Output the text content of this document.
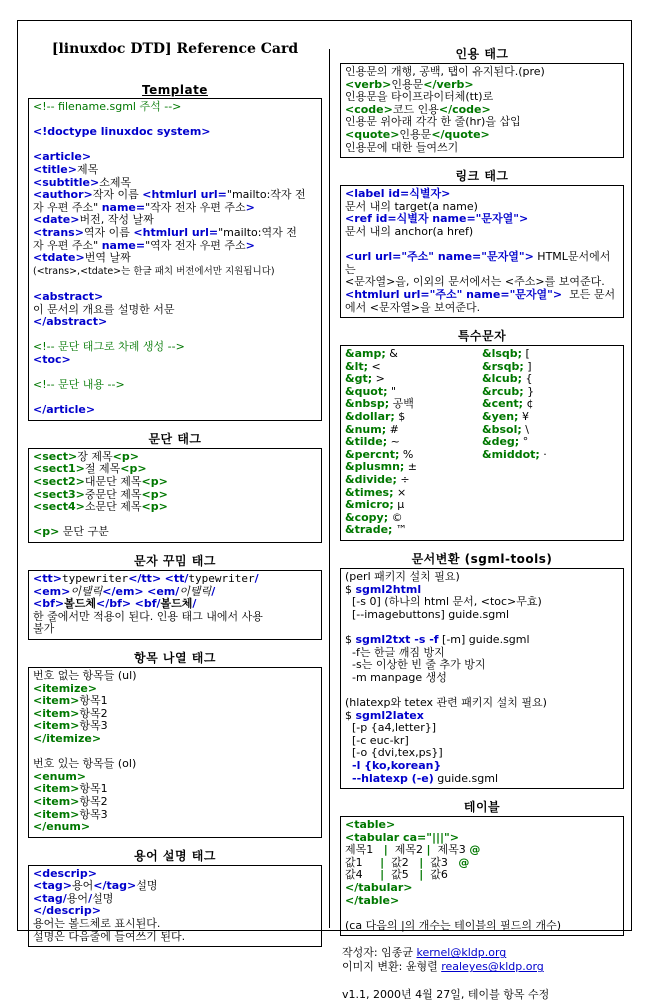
[linuxdoc DTD] Reference Card
Template
<!-- filename.sgml 주석 -->

<!doctype linuxdoc system>

<article>
<title>제목
<subtitle>소제목
<author>작자 이름 <htmlurl url="mailto:작자 전
자 우편 주소" name="작자 전자 우편 주소>
<date>버전, 작성 날짜
<trans>역자 이름 <htmlurl url="mailto:역자 전
자 우편 주소" name="역자 전자 우편 주소>
<tdate>번역 날짜
(<trans>,<tdate>는 한글 패치 버전에서만 지원됩니다)

<abstract>
이 문서의 개요를 설명한 서문
</abstract>

<!-- 문단 태그로 차례 생성 -->
<toc>

<!-- 문단 내용 -->

</article>
문단 태그
<sect>장 제목<p>
<sect1>절 제목<p>
<sect2>대문단 제목<p>
<sect3>중문단 제목<p>
<sect4>소문단 제목<p>

<p> 문단 구분
문자 꾸밈 태그
<tt>typewriter</tt> <tt/typewriter/
<em>이탤릭</em> <em/이탤릭/
<bf>볼드체</bf> <bf/볼드체/
한 줄에서만 적용이 된다. 인용 태그 내에서 사용
불가
항목 나열 태그
번호 없는 항목들 (ul)
<itemize>
<item>항목1
<item>항목2
<item>항목3
</itemize>

번호 있는 항목들 (ol)
<enum>
<item>항목1
<item>항목2
<item>항목3
</enum>
용어 설명 태그
<descrip>
<tag>용어</tag>설명
<tag/용어/설명
</descrip>
용어는 볼드체로 표시된다.
설명은 다음줄에 들여쓰기 된다.
인용 태그
인용문의 개행, 공백, 탭이 유지된다.(pre)
<verb>인용문</verb>
인용문을 타이프라이터체(tt)로
<code>코드 인용</code>
인용문 위아래 각각 한 줄(hr)을 삽입
<quote>인용문</quote>
인용문에 대한 들여쓰기
링크 태그
<label id=식별자>
문서 내의 target(a name)
<ref id=식별자 name="문자열">
문서 내의 anchor(a href)

<url url="주소" name="문자열"> HTML문서에서는
<문자열>을, 이외의 문서에서는 <주소>를 보여준다.
<htmlurl url="주소" name="문자열">  모든 문서
에서 <문자열>을 보여준다.
특수문자
&amp; &
&lt; <
&gt; >
&quot; "
&nbsp; 공백
&dollar; $
&num; #
&tilde; ~
&percnt; %
&plusmn; ±
&divide; ÷
&times; ×
&micro; µ
&copy; ©
&trade; ™
&lsqb; [
&rsqb; ]
&lcub; {
&rcub; }
&cent; ¢
&yen; ¥
&bsol; \
&deg; °
&middot; ·
문서변환 (sgml-tools)
(perl 패키지 설치 필요)
$ sgml2html
[-s 0] (하나의 html 문서, <toc>무효)
[--imagebuttons] guide.sgml

$ sgml2txt -s -f [-m] guide.sgml
-f는 한글 깨짐 방지
-s는 이상한 빈 줄 추가 방지
-m manpage 생성

(hlatexp와 tetex 관련 패키지 설치 필요)
$ sgml2latex
[-p {a4,letter}]
[-c euc-kr]
[-o {dvi,tex,ps}]
-l {ko,korean}
--hlatexp (-e) guide.sgml
테이블
<table>
<tabular ca="|||">
제목1   |  제목2 |  제목3 @
값1     |  값2   |  값3   @
값4     |  값5   |  값6
</tabular>
</table>

(ca 다음의 |의 개수는 테이블의 필드의 개수)
작성자: 임종균 kernel@kldp.org
이미지 변환: 윤형렬 realeyes@kldp.org

v1.1, 2000년 4월 27일, 테이블 항목 수정
